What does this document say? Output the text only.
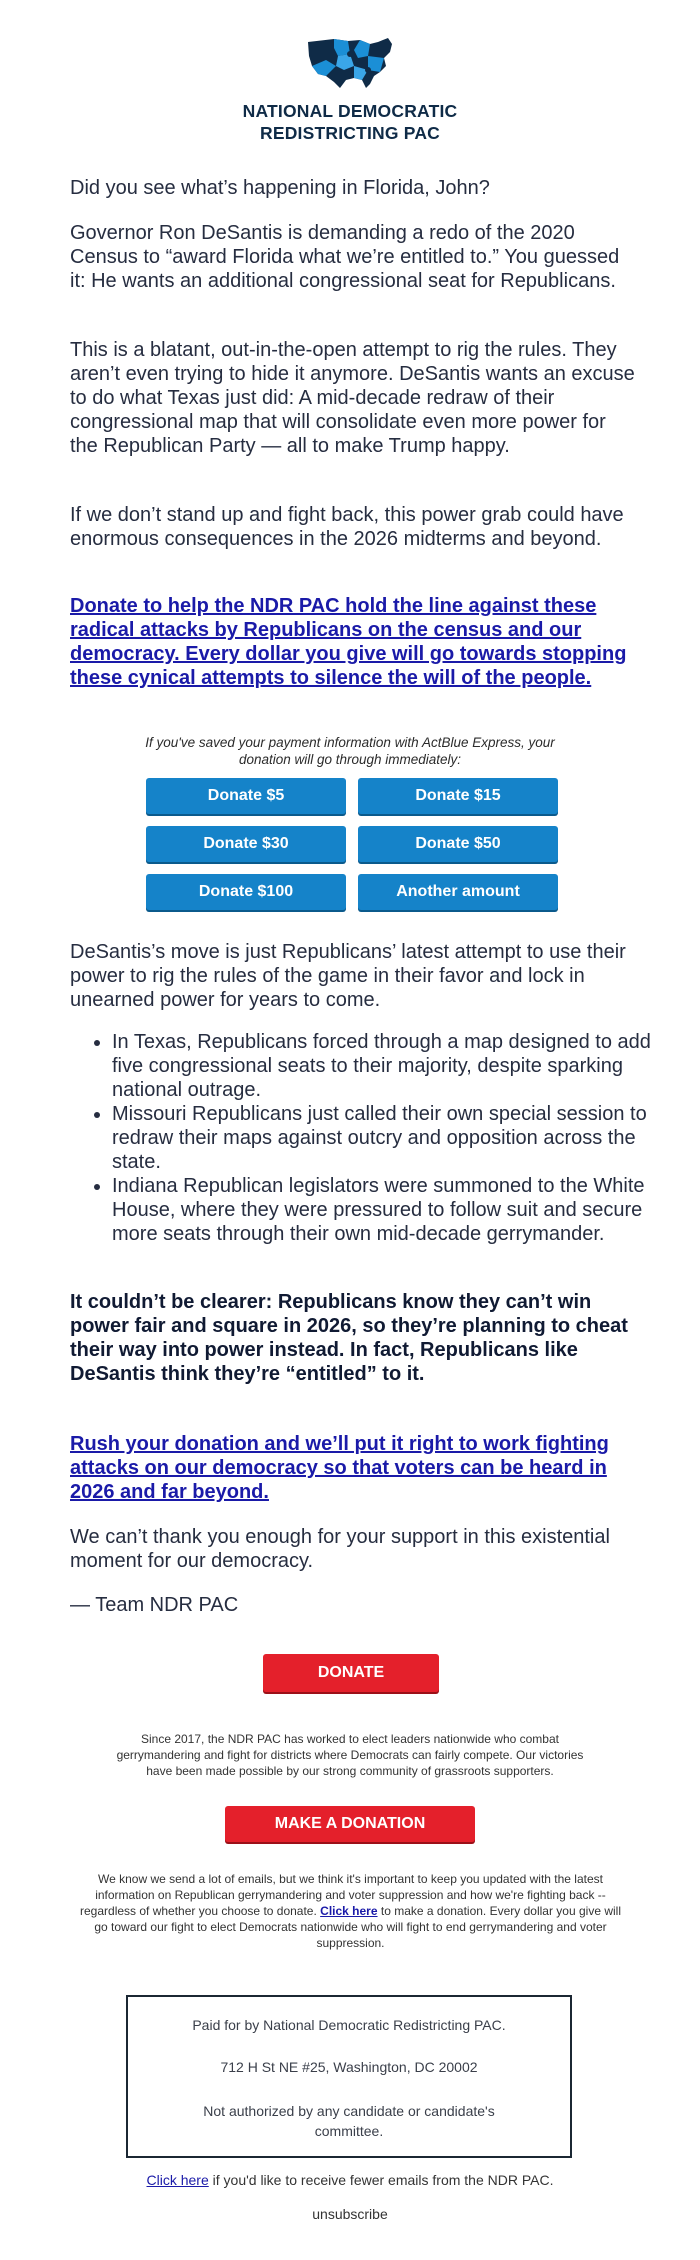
NATIONAL DEMOCRATIC
REDISTRICTING PAC

Did you see what’s happening in Florida, John?

Governor Ron DeSantis is demanding a redo of the 2020 Census to “award Florida what we’re entitled to.” You guessed it: He wants an additional congressional seat for Republicans.

This is a blatant, out-in-the-open attempt to rig the rules. They aren’t even trying to hide it anymore. DeSantis wants an excuse to do what Texas just did: A mid-decade redraw of their congressional map that will consolidate even more power for the Republican Party — all to make Trump happy.

If we don’t stand up and fight back, this power grab could have enormous consequences in the 2026 midterms and beyond.

Donate to help the NDR PAC hold the line against these radical attacks by Republicans on the census and our democracy. Every dollar you give will go towards stopping these cynical attempts to silence the will of the people.

If you've saved your payment information with ActBlue Express, your donation will go through immediately:
Donate $5	Donate $15
Donate $30	Donate $50
Donate $100	Another amount

DeSantis’s move is just Republicans’ latest attempt to use their power to rig the rules of the game in their favor and lock in unearned power for years to come.

• In Texas, Republicans forced through a map designed to add five congressional seats to their majority, despite sparking national outrage.
• Missouri Republicans just called their own special session to redraw their maps against outcry and opposition across the state.
• Indiana Republican legislators were summoned to the White House, where they were pressured to follow suit and secure more seats through their own mid-decade gerrymander.

It couldn’t be clearer: Republicans know they can’t win power fair and square in 2026, so they’re planning to cheat their way into power instead. In fact, Republicans like DeSantis think they’re “entitled” to it.

Rush your donation and we’ll put it right to work fighting attacks on our democracy so that voters can be heard in 2026 and far beyond.

We can’t thank you enough for your support in this existential moment for our democracy.

— Team NDR PAC

DONATE
Since 2017, the NDR PAC has worked to elect leaders nationwide who combat gerrymandering and fight for districts where Democrats can fairly compete. Our victories have been made possible by our strong community of grassroots supporters.
MAKE A DONATION
We know we send a lot of emails, but we think it's important to keep you updated with the latest information on Republican gerrymandering and voter suppression and how we're fighting back -- regardless of whether you choose to donate. Click here to make a donation. Every dollar you give will go toward our fight to elect Democrats nationwide who will fight to end gerrymandering and voter suppression.

Paid for by National Democratic Redistricting PAC.

712 H St NE #25, Washington, DC 20002

Not authorized by any candidate or candidate's committee.

Click here if you'd like to receive fewer emails from the NDR PAC.
unsubscribe
